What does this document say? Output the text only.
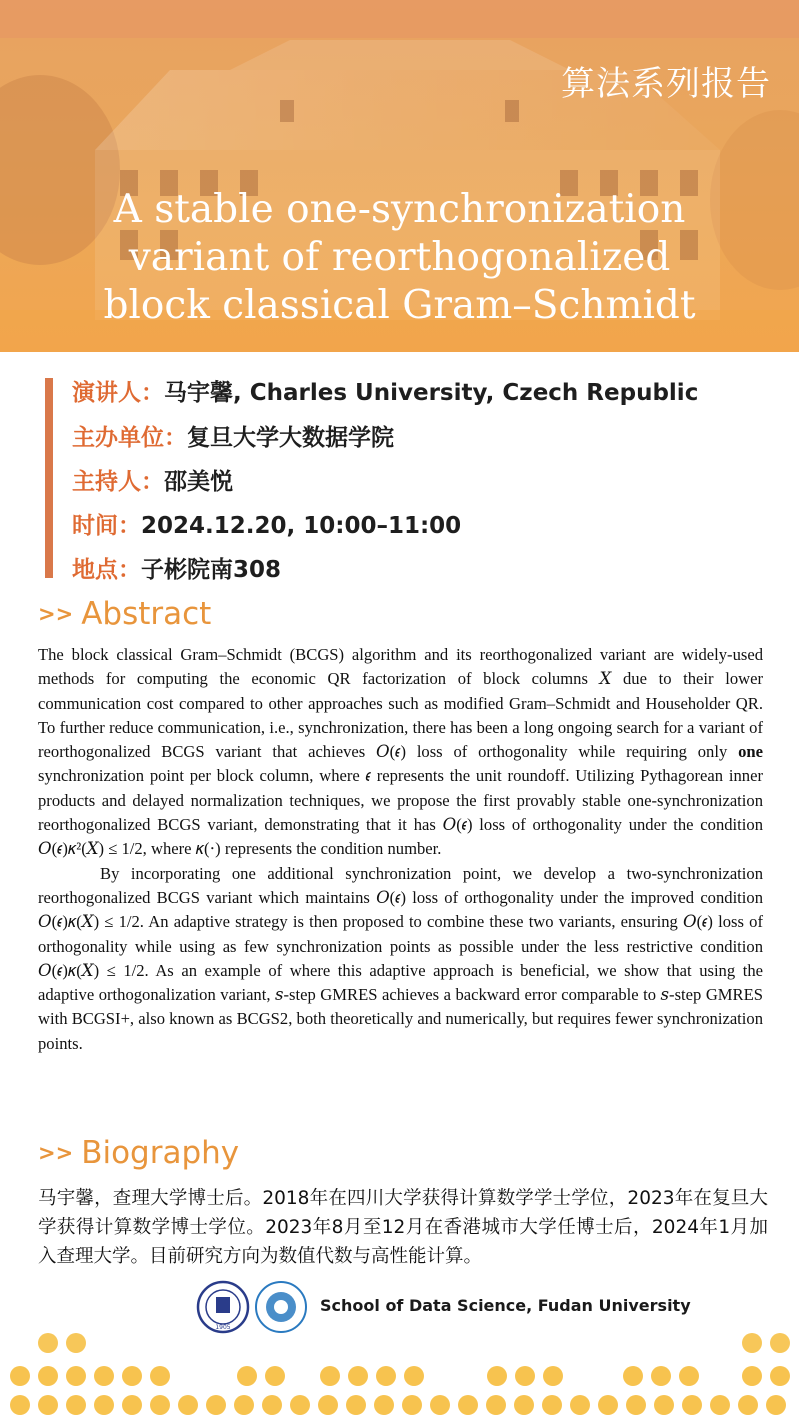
算法系列报告
A stable one-synchronization
variant of reorthogonalized
block classical Gram–Schmidt
演讲人：马宇馨, Charles University, Czech Republic
主办单位：复旦大学大数据学院
主持人：邵美悦
时间：2024.12.20, 10:00–11:00
地点：子彬院南308
>> Abstract

The block classical Gram–Schmidt (BCGS) algorithm and its reorthogonalized variant are widely-used methods for computing the economic QR factorization of block columns 𝑋 due to their lower communication cost compared to other approaches such as modified Gram–Schmidt and Householder QR. To further reduce communication, i.e., synchronization, there has been a long ongoing search for a variant of reorthogonalized BCGS variant that achieves 𝑂(𝜖) loss of orthogonality while requiring only one synchronization point per block column, where 𝜖 represents the unit roundoff. Utilizing Pythagorean inner products and delayed normalization techniques, we propose the first provably stable one-synchronization reorthogonalized BCGS variant, demonstrating that it has 𝑂(𝜖) loss of orthogonality under the condition 𝑂(𝜖)𝜅²(𝑋) ≤ 1/2, where 𝜅(⋅) represents the condition number.

By incorporating one additional synchronization point, we develop a two-synchronization reorthogonalized BCGS variant which maintains 𝑂(𝜖) loss of orthogonality under the improved condition 𝑂(𝜖)𝜅(𝑋) ≤ 1/2. An adaptive strategy is then proposed to combine these two variants, ensuring 𝑂(𝜖) loss of orthogonality while using as few synchronization points as possible under the less restrictive condition 𝑂(𝜖)𝜅(𝑋) ≤ 1/2. As an example of where this adaptive approach is beneficial, we show that using the adaptive orthogonalization variant, 𝑠-step GMRES achieves a backward error comparable to 𝑠-step GMRES with BCGSI+, also known as BCGS2, both theoretically and numerically, but requires fewer synchronization points.

>> Biography
马宇馨，查理大学博士后。2018年在四川大学获得计算数学学士学位，2023年在复旦大学获得计算数学博士学位。2023年8月至12月在香港城市大学任博士后，2024年1月加入查理大学。目前研究方向为数值代数与高性能计算。
1905
School of Data Science, Fudan University
